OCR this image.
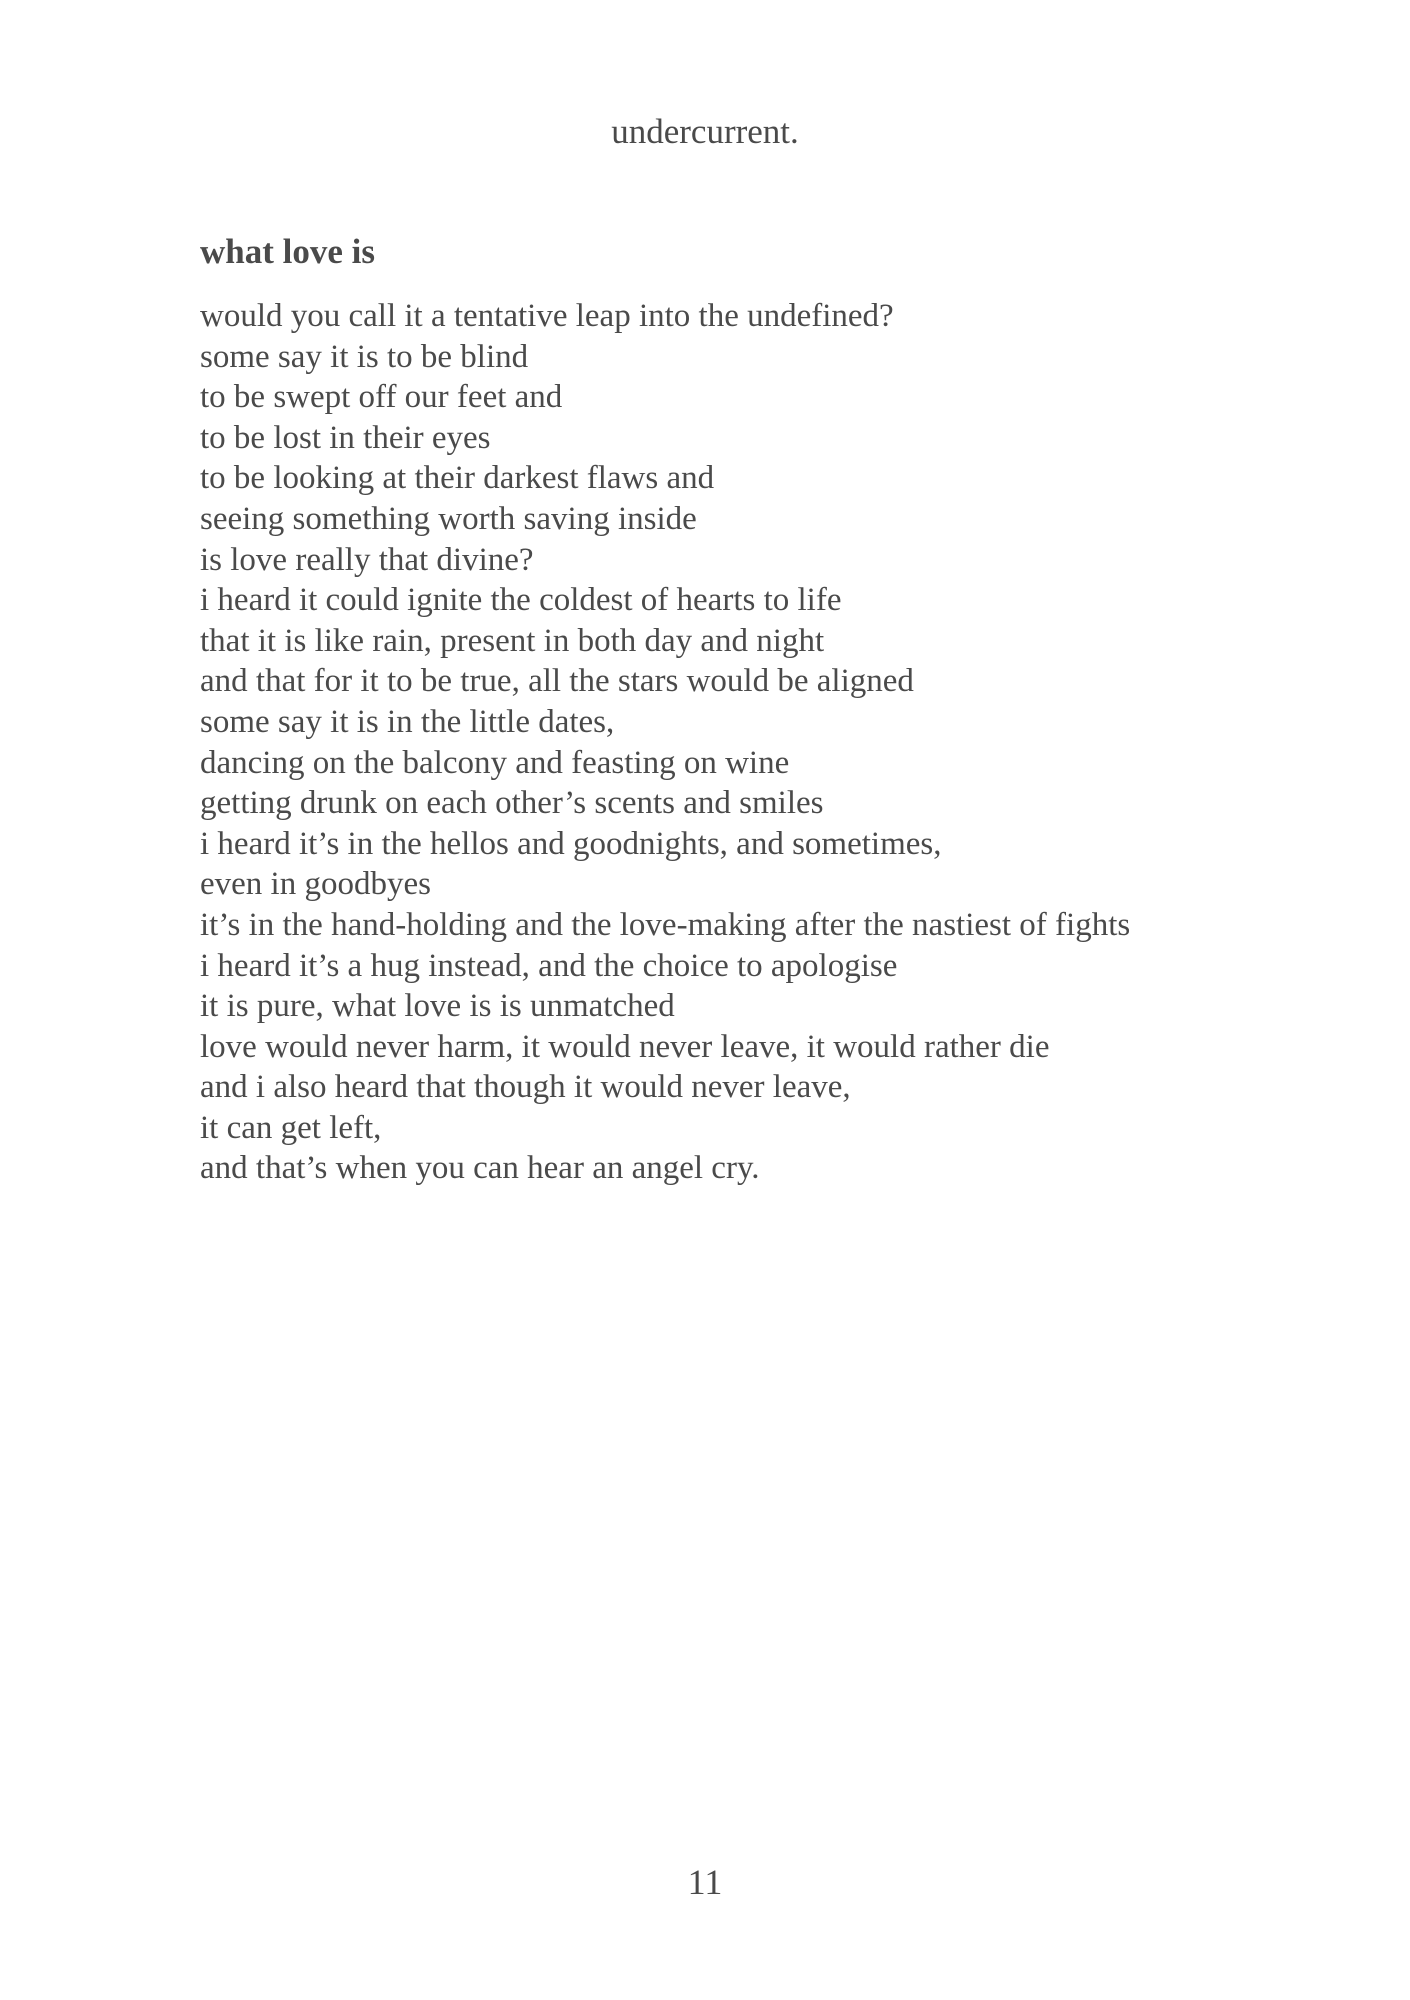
undercurrent.
what love is
would you call it a tentative leap into the undefined?
some say it is to be blind
to be swept off our feet and
to be lost in their eyes
to be looking at their darkest flaws and
seeing something worth saving inside
is love really that divine?
i heard it could ignite the coldest of hearts to life
that it is like rain, present in both day and night
and that for it to be true, all the stars would be aligned
some say it is in the little dates,
dancing on the balcony and feasting on wine
getting drunk on each other’s scents and smiles
i heard it’s in the hellos and goodnights, and sometimes,
even in goodbyes
it’s in the hand-holding and the love-making after the nastiest of fights
i heard it’s a hug instead, and the choice to apologise
it is pure, what love is is unmatched
love would never harm, it would never leave, it would rather die
and i also heard that though it would never leave,
it can get left,
and that’s when you can hear an angel cry.
11
